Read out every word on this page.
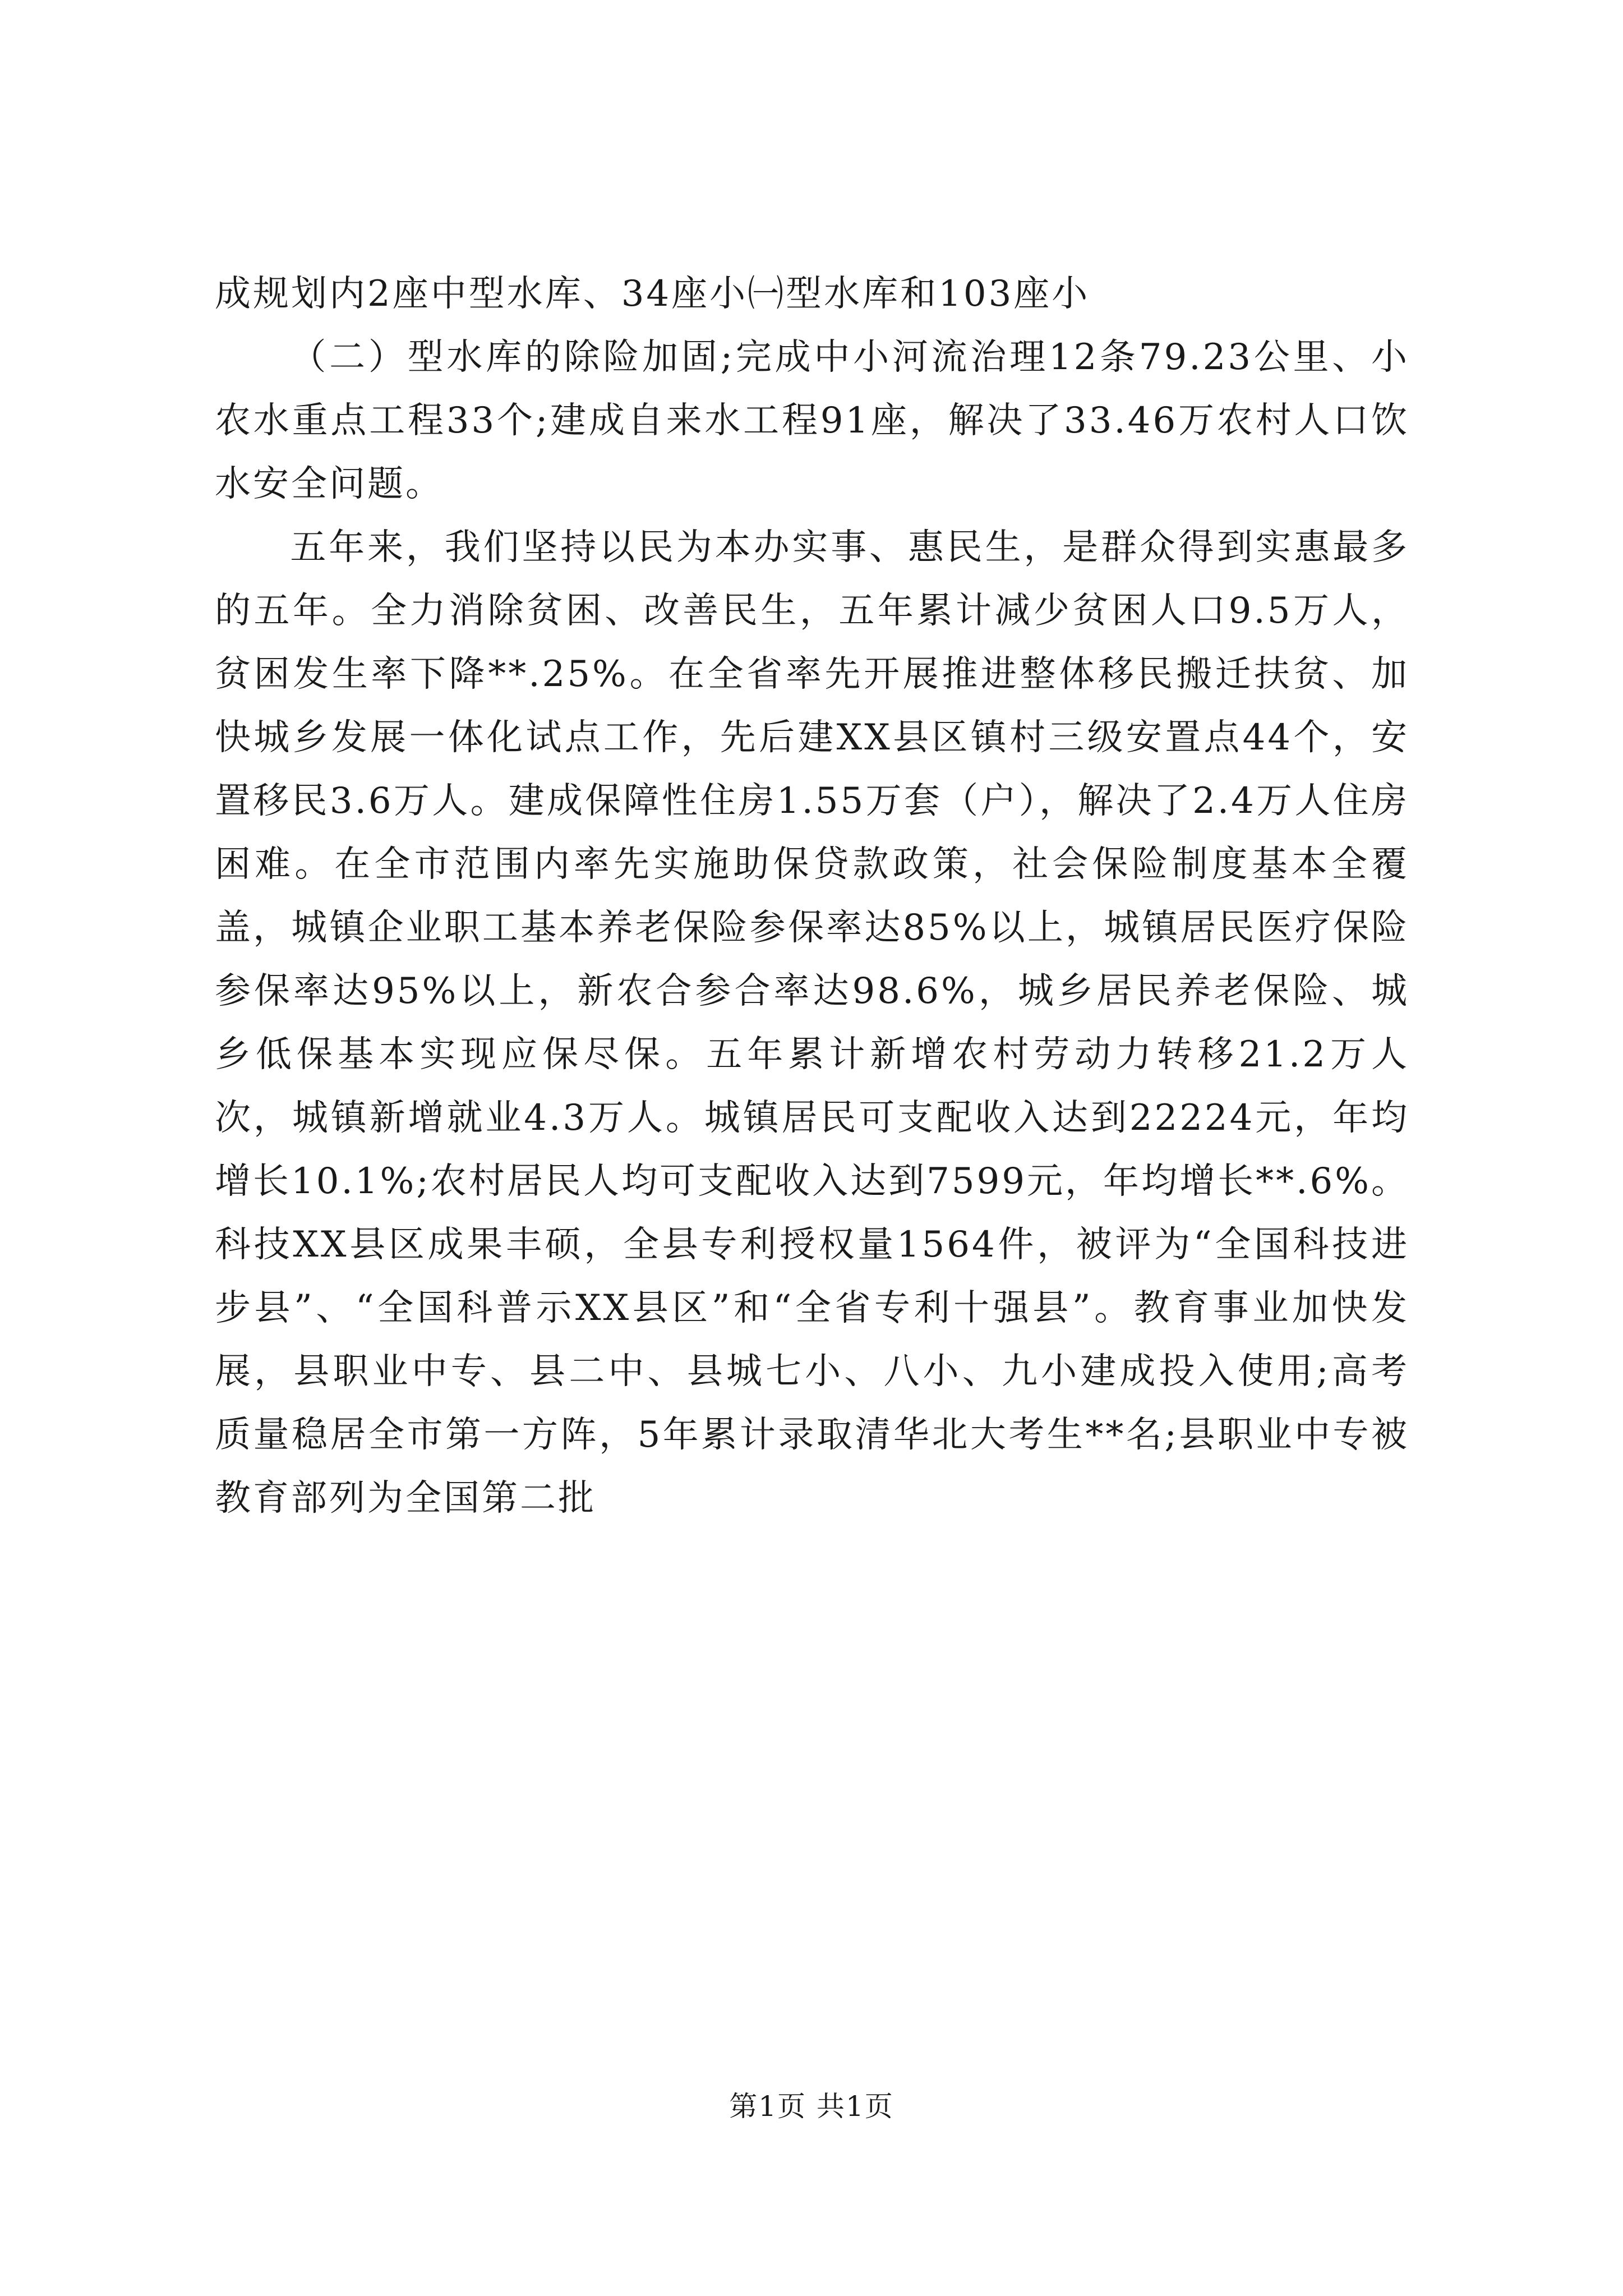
成规划内2座中型水库、34座小㈠型水库和103座小

（二）型水库的除险加固;完成中小河流治理12条79.23公里、小农水重点工程33个;建成自来水工程91座，解决了33.46万农村人口饮水安全问题。

五年来，我们坚持以民为本办实事、惠民生，是群众得到实惠最多的五年。全力消除贫困、改善民生，五年累计减少贫困人口9.5万人，贫困发生率下降**.25%。在全省率先开展推进整体移民搬迁扶贫、加快城乡发展一体化试点工作，先后建XX县区镇村三级安置点44个，安置移民3.6万人。建成保障性住房1.55万套（户），解决了2.4万人住房困难。在全市范围内率先实施助保贷款政策，社会保险制度基本全覆盖，城镇企业职工基本养老保险参保率达85%以上，城镇居民医疗保险参保率达95%以上，新农合参合率达98.6%，城乡居民养老保险、城乡低保基本实现应保尽保。五年累计新增农村劳动力转移21.2万人次，城镇新增就业4.3万人。城镇居民可支配收入达到22224元，年均增长10.1%;农村居民人均可支配收入达到7599元，年均增长**.6%。科技XX县区成果丰硕，全县专利授权量1564件，被评为“全国科技进步县”、“全国科普示XX县区”和“全省专利十强县”。教育事业加快发展，县职业中专、县二中、县城七小、八小、九小建成投入使用;高考质量稳居全市第一方阵，5年累计录取清华北大考生**名;县职业中专被教育部列为全国第二批

第1页 共1页
